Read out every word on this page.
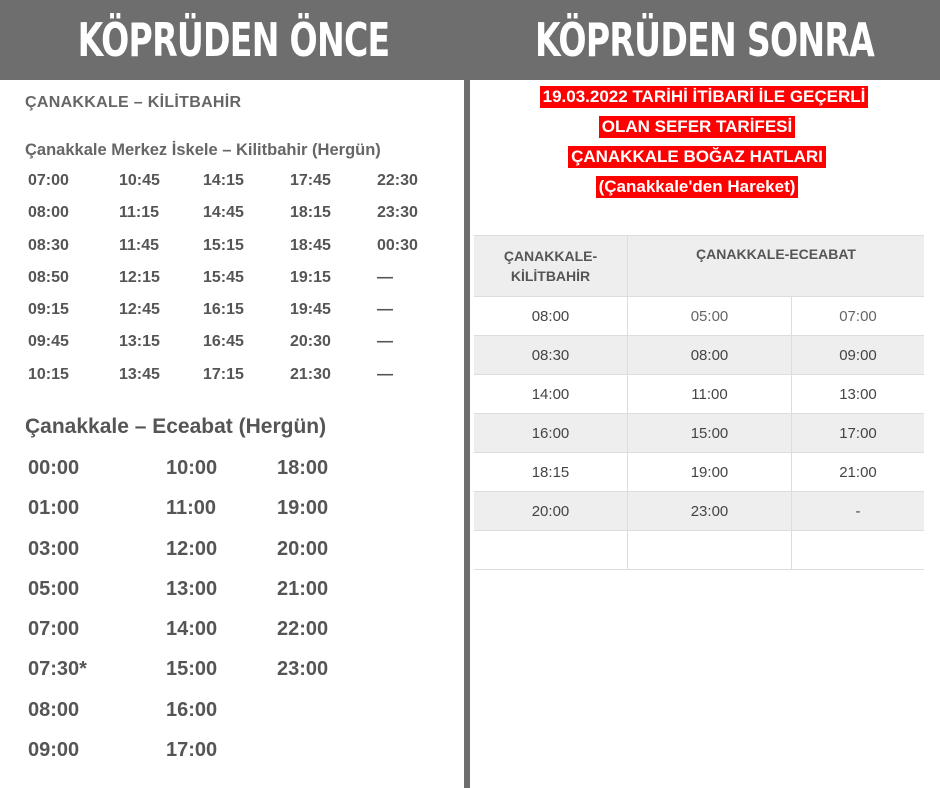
KÖPRÜDEN ÖNCE	KÖPRÜDEN SONRA
ÇANAKKALE – KİLİTBAHİR
Çanakkale Merkez İskele – Kilitbahir (Hergün)
07:00	10:45	14:15	17:45	22:30
08:00	11:15	14:45	18:15	23:30
08:30	11:45	15:15	18:45	00:30
08:50	12:15	15:45	19:15	—
09:15	12:45	16:15	19:45	—
09:45	13:15	16:45	20:30	—
10:15	13:45	17:15	21:30	—
Çanakkale – Eceabat (Hergün)
00:00	10:00	18:00
01:00	11:00	19:00
03:00	12:00	20:00
05:00	13:00	21:00
07:00	14:00	22:00
07:30*	15:00	23:00
08:00	16:00
09:00	17:00
19.03.2022 TARİHİ İTİBARİ İLE GEÇERLİ
OLAN SEFER TARİFESİ
ÇANAKKALE BOĞAZ HATLARI
(Çanakkale'den Hareket)
ÇANAKKALE-
KİLİTBAHİR
ÇANAKKALE-ECEABAT
08:00	05:00	07:00
08:30	08:00	09:00
14:00	11:00	13:00
16:00	15:00	17:00
18:15	19:00	21:00
20:00	23:00	-
